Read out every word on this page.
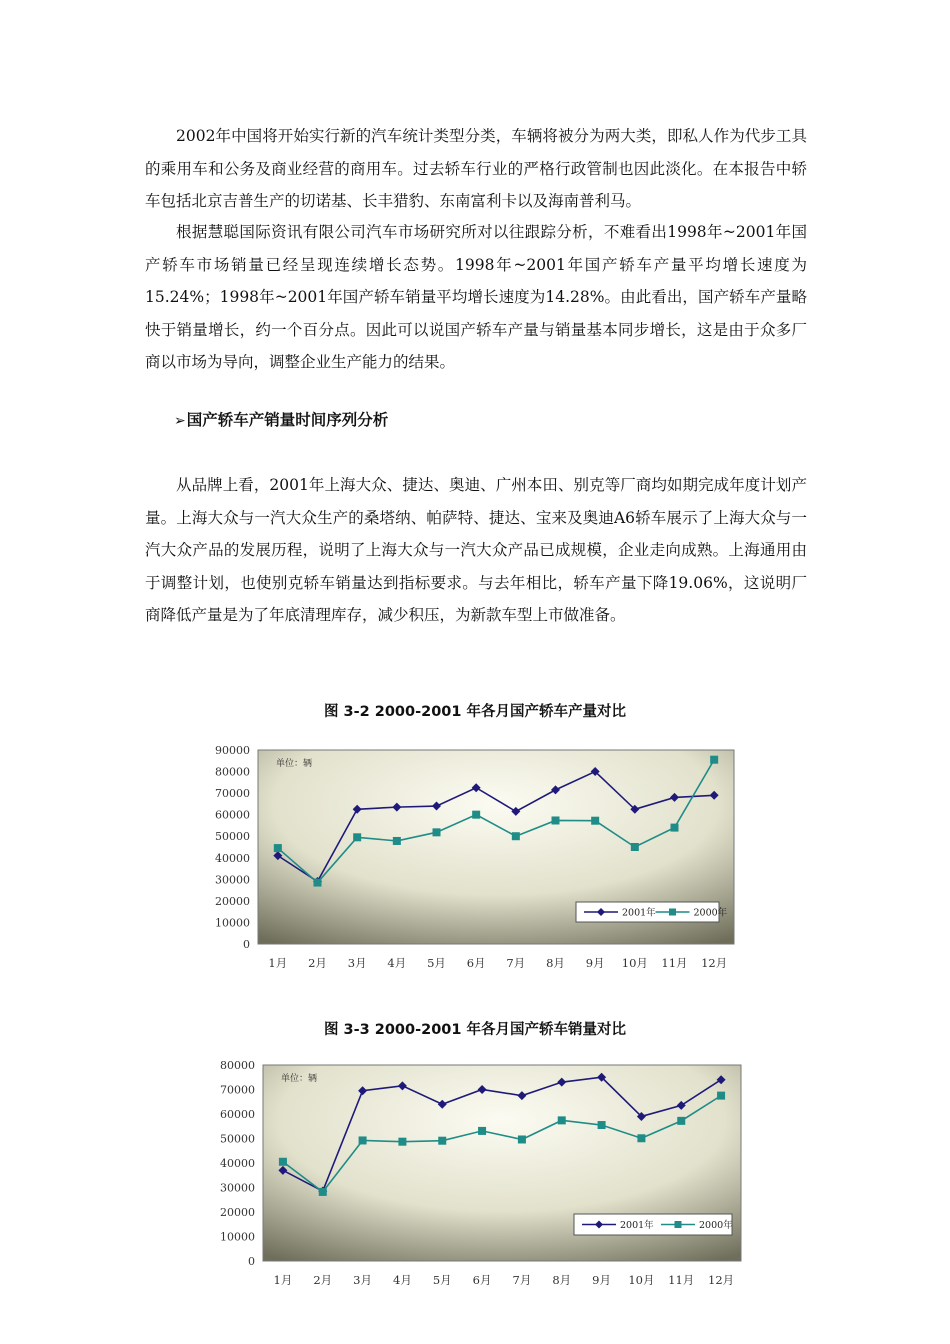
2002年中国将开始实行新的汽车统计类型分类，车辆将被分为两大类，即私人作为代步工具的乘用车和公务及商业经营的商用车。过去轿车行业的严格行政管制也因此淡化。在本报告中轿车包括北京吉普生产的切诺基、长丰猎豹、东南富利卡以及海南普利马。

根据慧聪国际资讯有限公司汽车市场研究所对以往跟踪分析，不难看出1998年~2001年国产轿车市场销量已经呈现连续增长态势。1998年~2001年国产轿车产量平均增长速度为15.24%；1998年~2001年国产轿车销量平均增长速度为14.28%。由此看出，国产轿车产量略快于销量增长，约一个百分点。因此可以说国产轿车产量与销量基本同步增长，这是由于众多厂商以市场为导向，调整企业生产能力的结果。

➢国产轿车产销量时间序列分析

从品牌上看，2001年上海大众、捷达、奥迪、广州本田、别克等厂商均如期完成年度计划产量。上海大众与一汽大众生产的桑塔纳、帕萨特、捷达、宝来及奥迪A6轿车展示了上海大众与一汽大众产品的发展历程，说明了上海大众与一汽大众产品已成规模，企业走向成熟。上海通用由于调整计划，也使别克轿车销量达到指标要求。与去年相比，轿车产量下降19.06%，这说明厂商降低产量是为了年底清理库存，减少积压，为新款车型上市做准备。

图 3-2 2000-2001 年各月国产轿车产量对比
0
10000
20000
30000
40000
50000
60000
70000
80000
90000
1月 2月 3月 4月 5月 6月 7月 8月 9月 10月 11月 12月
单位：辆
2001年	2000年
图 3-3 2000-2001 年各月国产轿车销量对比
0
10000
20000
30000
40000
50000
60000
70000
80000
1月 2月 3月 4月 5月 6月 7月 8月 9月 10月 11月 12月
单位：辆
2001年	2000年
